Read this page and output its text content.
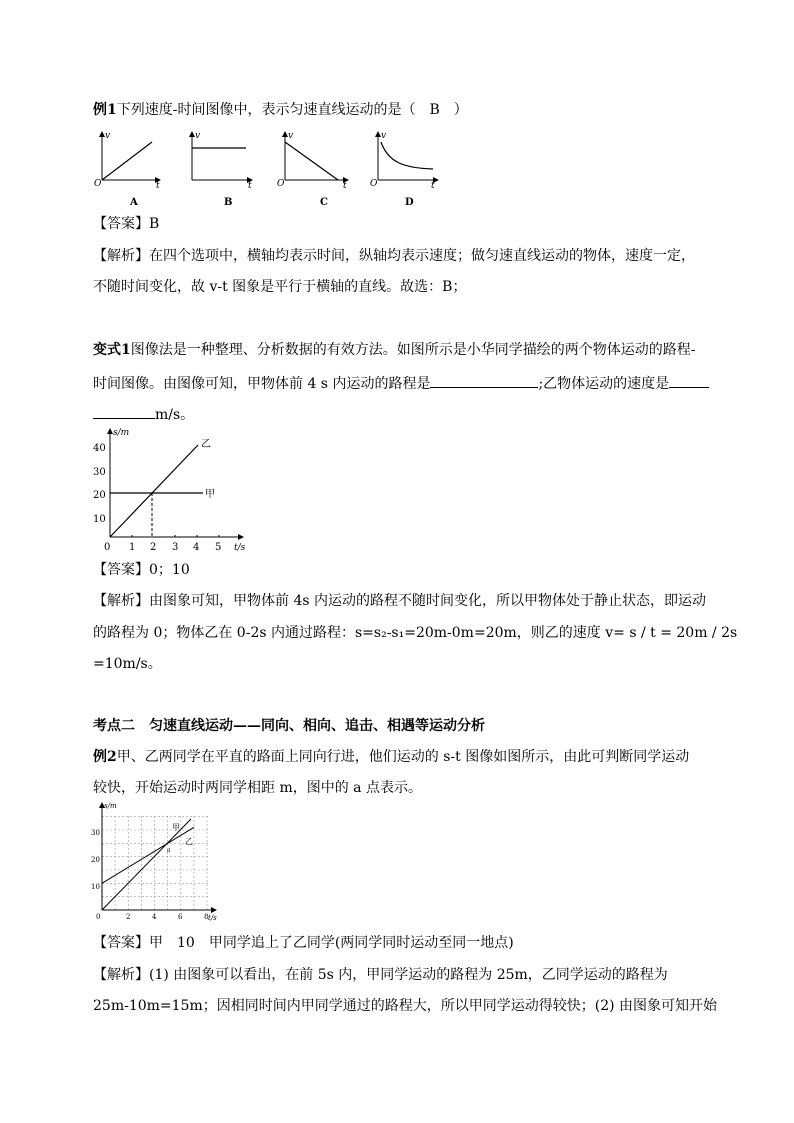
例1下列速度-时间图像中，表示匀速直线运动的是（　B　）
v
O	t
A
v
t
B
v
O	t
C
v
O	t
D
【答案】B
【解析】在四个选项中，横轴均表示时间，纵轴均表示速度；做匀速直线运动的物体，速度一定，
不随时间变化，故 v-t 图象是平行于横轴的直线。故选：B；
变式1图像法是一种整理、分析数据的有效方法。如图所示是小华同学描绘的两个物体运动的路程-
时间图像。由图像可知，甲物体前 4 s 内运动的路程是	;乙物体运动的速度是
m/s。
s/m
t/s
10
20
30
40
0 1 2 3 4 5
甲
乙
【答案】0；10
【解析】由图象可知，甲物体前 4s 内运动的路程不随时间变化，所以甲物体处于静止状态，即运动
的路程为 0；物体乙在 0-2s 内通过路程：s=s₂-s₁=20m-0m=20m，则乙的速度 v= s / t = 20m / 2s
=10m/s。
考点二　匀速直线运动——同向、相向、追击、相遇等运动分析
例2甲、乙两同学在平直的路面上同向行进，他们运动的 s-t 图像如图所示，由此可判断同学运动
较快，开始运动时两同学相距 m，图中的 a 点表示。
s/m
t/s
10
20
30
0	2	4	6	8
甲
乙
a
【答案】甲　10　甲同学追上了乙同学(两同学同时运动至同一地点)
【解析】(1) 由图象可以看出，在前 5s 内，甲同学运动的路程为 25m，乙同学运动的路程为
25m-10m=15m；因相同时间内甲同学通过的路程大，所以甲同学运动得较快；(2) 由图象可知开始
